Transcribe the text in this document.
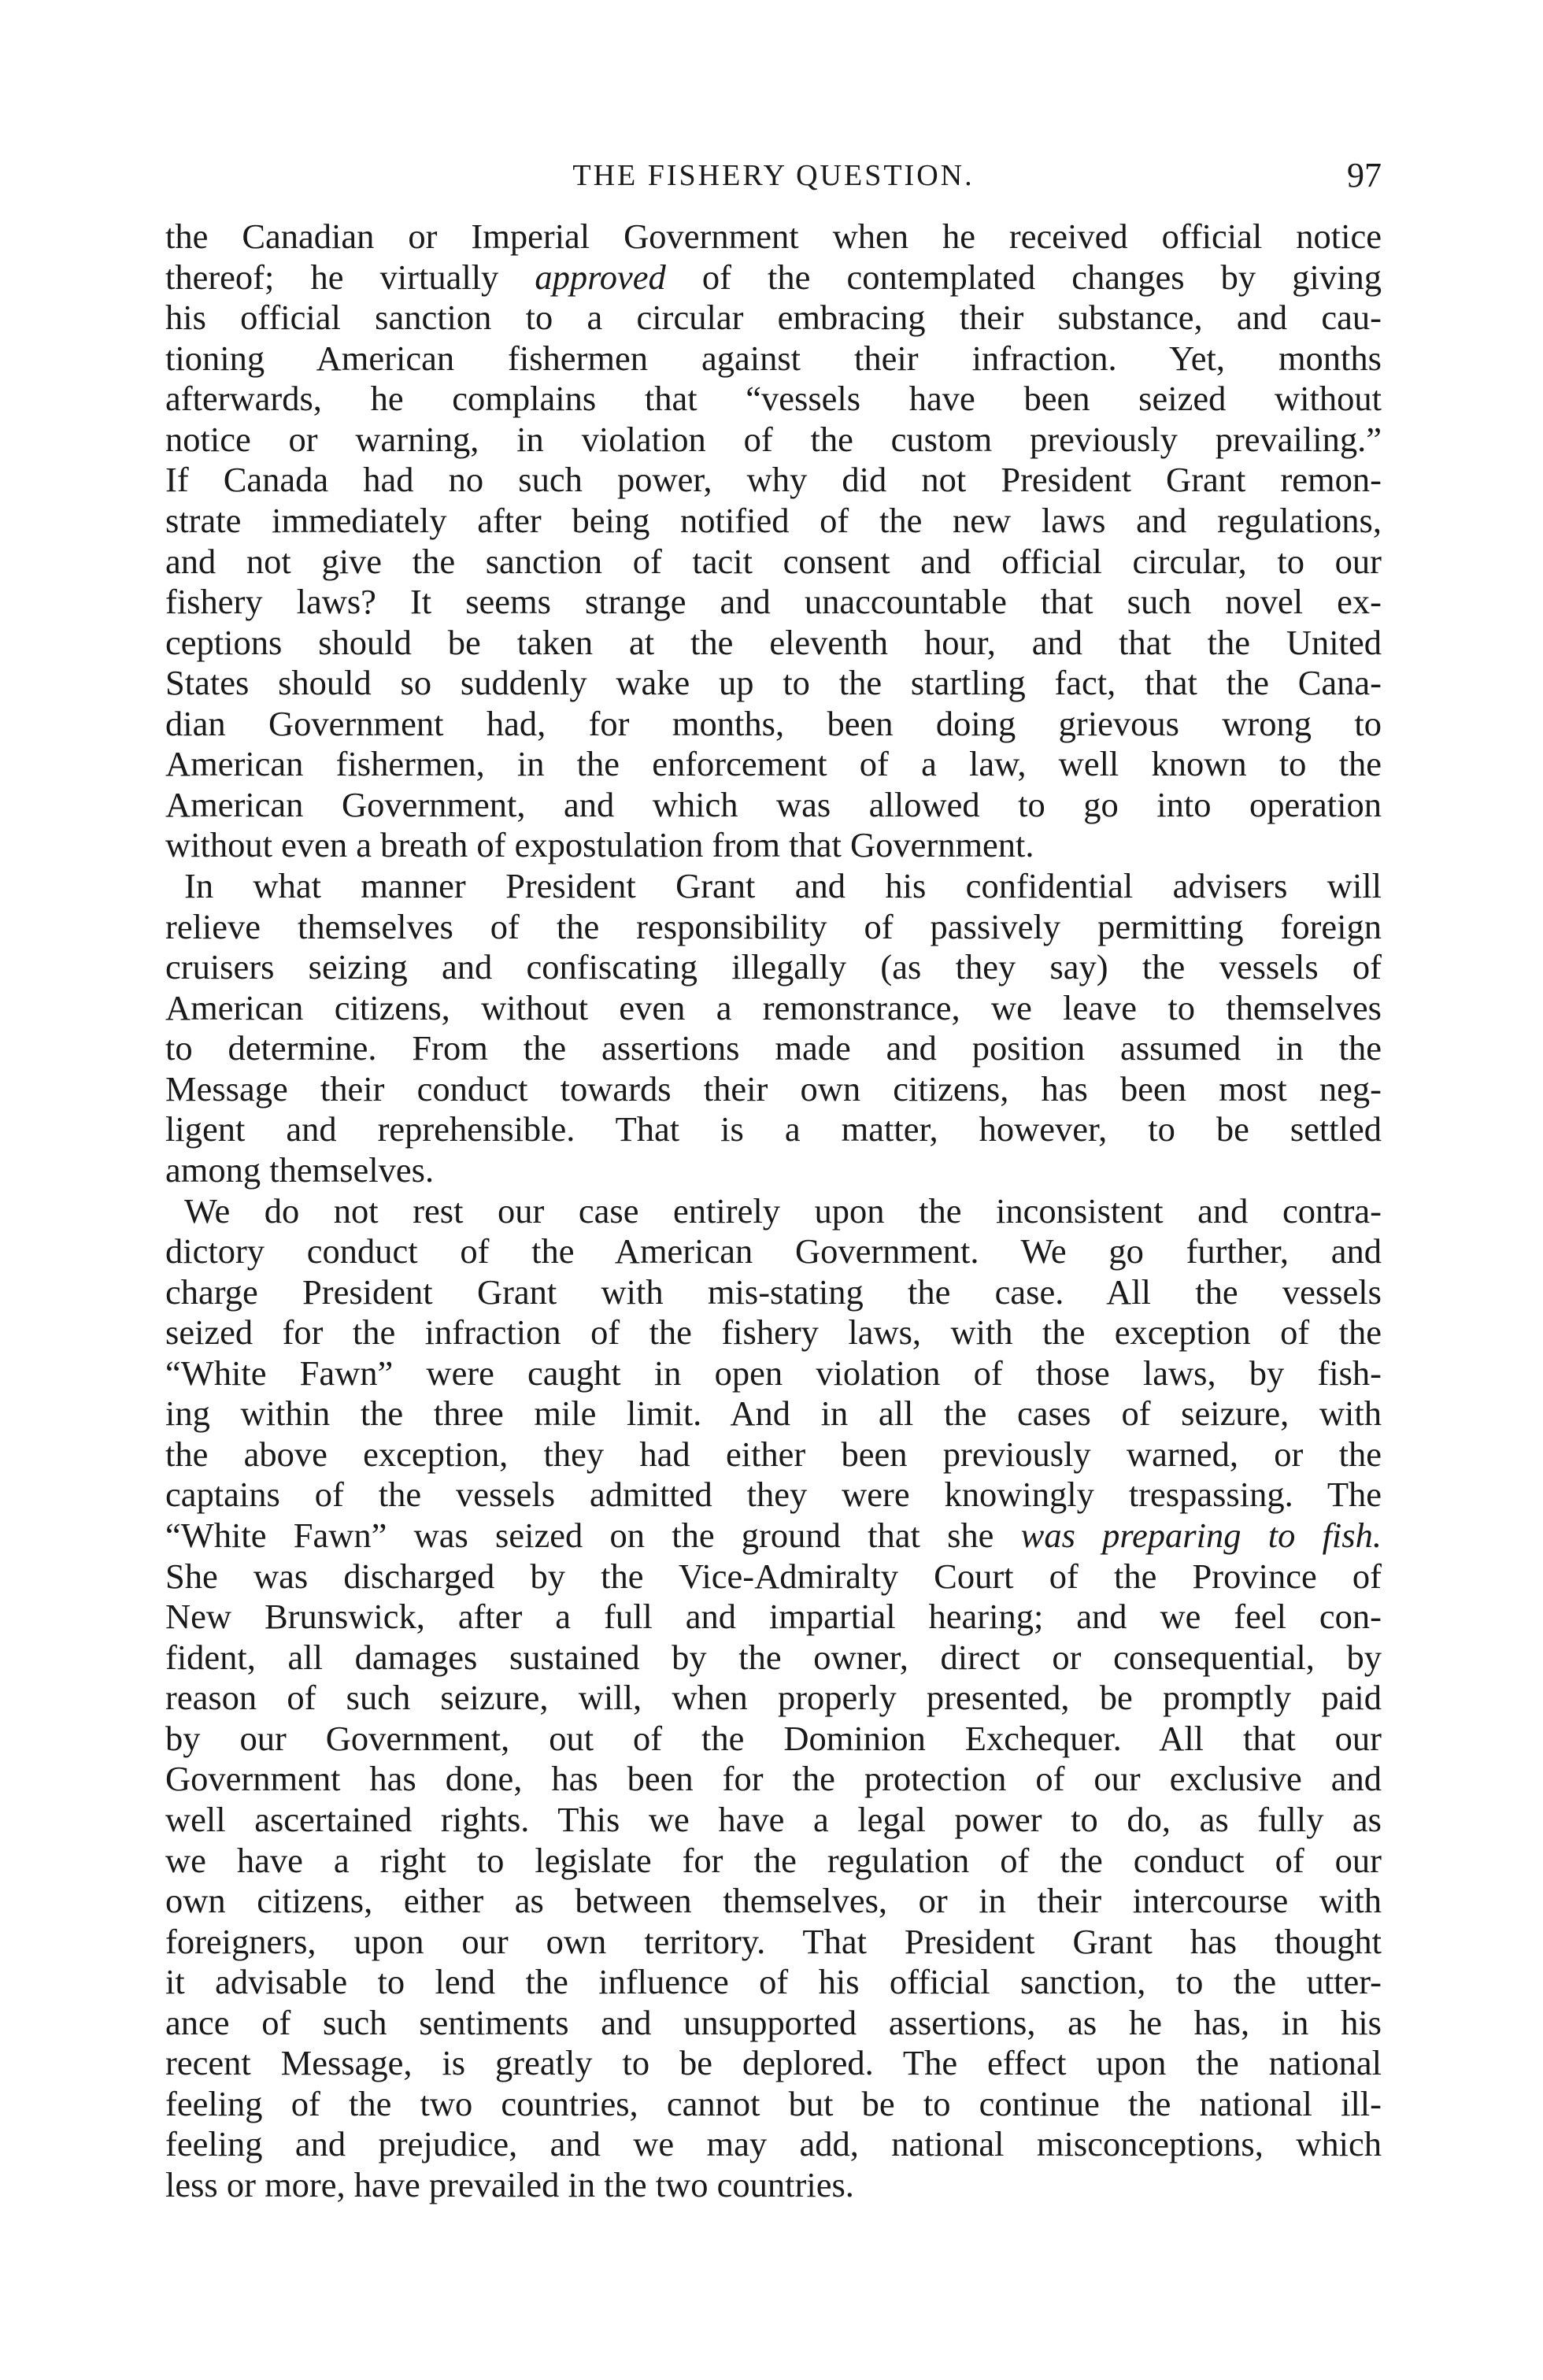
THE FISHERY QUESTION.	97
the Canadian or Imperial Government when he received official notice
thereof; he virtually approved of the contemplated changes by giving
his official sanction to a circular embracing their substance, and cau-
tioning American fishermen against their infraction. Yet, months
afterwards, he complains that “vessels have been seized without
notice or warning, in violation of the custom previously prevailing.”
If Canada had no such power, why did not President Grant remon-
strate immediately after being notified of the new laws and regulations,
and not give the sanction of tacit consent and official circular, to our
fishery laws? It seems strange and unaccountable that such novel ex-
ceptions should be taken at the eleventh hour, and that the United
States should so suddenly wake up to the startling fact, that the Cana-
dian Government had, for months, been doing grievous wrong to
American fishermen, in the enforcement of a law, well known to the
American Government, and which was allowed to go into operation
without even a breath of expostulation from that Government.
In what manner President Grant and his confidential advisers will
relieve themselves of the responsibility of passively permitting foreign
cruisers seizing and confiscating illegally (as they say) the vessels of
American citizens, without even a remonstrance, we leave to themselves
to determine. From the assertions made and position assumed in the
Message their conduct towards their own citizens, has been most neg-
ligent and reprehensible. That is a matter, however, to be settled
among themselves.
We do not rest our case entirely upon the inconsistent and contra-
dictory conduct of the American Government. We go further, and
charge President Grant with mis-stating the case. All the vessels
seized for the infraction of the fishery laws, with the exception of the
“White Fawn” were caught in open violation of those laws, by fish-
ing within the three mile limit. And in all the cases of seizure, with
the above exception, they had either been previously warned, or the
captains of the vessels admitted they were knowingly trespassing. The
“White Fawn” was seized on the ground that she was preparing to fish.
She was discharged by the Vice-Admiralty Court of the Province of
New Brunswick, after a full and impartial hearing; and we feel con-
fident, all damages sustained by the owner, direct or consequential, by
reason of such seizure, will, when properly presented, be promptly paid
by our Government, out of the Dominion Exchequer. All that our
Government has done, has been for the protection of our exclusive and
well ascertained rights. This we have a legal power to do, as fully as
we have a right to legislate for the regulation of the conduct of our
own citizens, either as between themselves, or in their intercourse with
foreigners, upon our own territory. That President Grant has thought
it advisable to lend the influence of his official sanction, to the utter-
ance of such sentiments and unsupported assertions, as he has, in his
recent Message, is greatly to be deplored. The effect upon the national
feeling of the two countries, cannot but be to continue the national ill-
feeling and prejudice, and we may add, national misconceptions, which
less or more, have prevailed in the two countries.
